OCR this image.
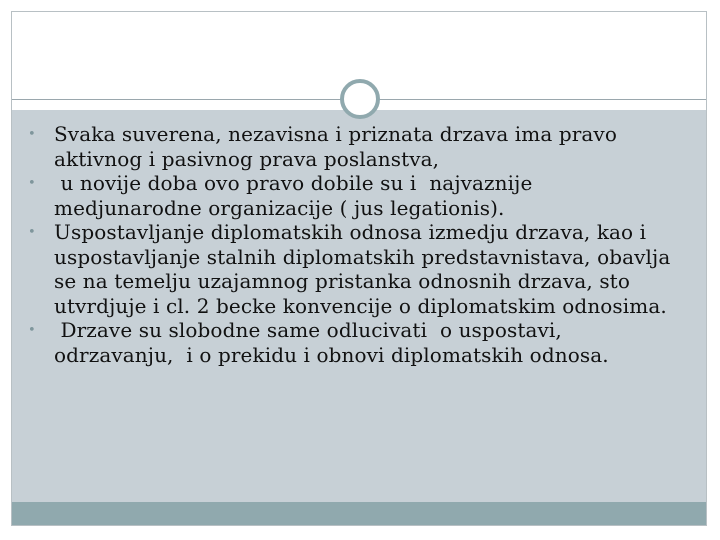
• Svaka suverena, nezavisna i priznata drzava ima pravo aktivnog i pasivnog prava poslanstva,
• u novije doba ovo pravo dobile su i  najvaznije medjunarodne organizacije ( jus legationis).
• Uspostavljanje diplomatskih odnosa izmedju drzava, kao i uspostavljanje stalnih diplomatskih predstavnistava, obavlja se na temelju uzajamnog pristanka odnosnih drzava, sto utvrdjuje i cl. 2 becke konvencije o diplomatskim odnosima.
• Drzave su slobodne same odlucivati  o uspostavi, odrzavanju,  i o prekidu i obnovi diplomatskih odnosa.
